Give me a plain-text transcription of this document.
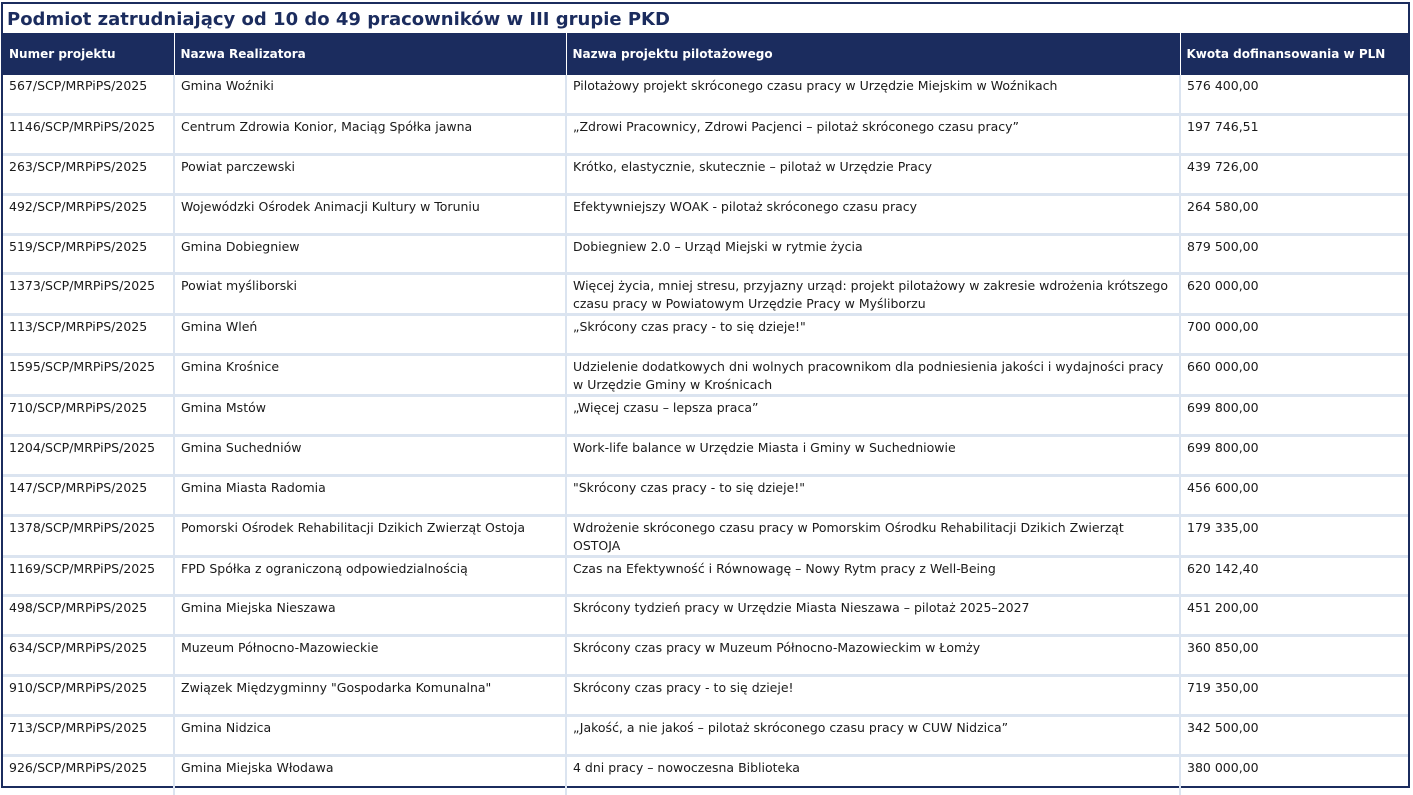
Podmiot zatrudniający od 10 do 49 pracowników w III grupie PKD
Numer projektu	Nazwa Realizatora	Nazwa projektu pilotażowego	Kwota dofinansowania w PLN
567/SCP/MRPiPS/2025	Gmina Woźniki	Pilotażowy projekt skróconego czasu pracy w Urzędzie Miejskim w Woźnikach	576 400,00
1146/SCP/MRPiPS/2025	Centrum Zdrowia Konior, Maciąg Spółka jawna	„Zdrowi Pracownicy, Zdrowi Pacjenci – pilotaż skróconego czasu pracy”	197 746,51
263/SCP/MRPiPS/2025	Powiat parczewski	Krótko, elastycznie, skutecznie – pilotaż w Urzędzie Pracy	439 726,00
492/SCP/MRPiPS/2025	Wojewódzki Ośrodek Animacji Kultury w Toruniu	Efektywniejszy WOAK - pilotaż skróconego czasu pracy	264 580,00
519/SCP/MRPiPS/2025	Gmina Dobiegniew	Dobiegniew 2.0 – Urząd Miejski w rytmie życia	879 500,00
1373/SCP/MRPiPS/2025	Powiat myśliborski	Więcej życia, mniej stresu, przyjazny urząd: projekt pilotażowy w zakresie wdrożenia krótszego czasu pracy w Powiatowym Urzędzie Pracy w Myśliborzu	620 000,00
113/SCP/MRPiPS/2025	Gmina Wleń	„Skrócony czas pracy - to się dzieje!"	700 000,00
1595/SCP/MRPiPS/2025	Gmina Krośnice	Udzielenie dodatkowych dni wolnych pracownikom dla podniesienia jakości i wydajności pracy w Urzędzie Gminy w Krośnicach	660 000,00
710/SCP/MRPiPS/2025	Gmina Mstów	„Więcej czasu – lepsza praca”	699 800,00
1204/SCP/MRPiPS/2025	Gmina Suchedniów	Work-life balance w Urzędzie Miasta i Gminy w Suchedniowie	699 800,00
147/SCP/MRPiPS/2025	Gmina Miasta Radomia	"Skrócony czas pracy - to się dzieje!"	456 600,00
1378/SCP/MRPiPS/2025	Pomorski Ośrodek Rehabilitacji Dzikich Zwierząt Ostoja	Wdrożenie skróconego czasu pracy w Pomorskim Ośrodku Rehabilitacji Dzikich Zwierząt OSTOJA	179 335,00
1169/SCP/MRPiPS/2025	FPD Spółka z ograniczoną odpowiedzialnością	Czas na Efektywność i Równowagę – Nowy Rytm pracy z Well-Being	620 142,40
498/SCP/MRPiPS/2025	Gmina Miejska Nieszawa	Skrócony tydzień pracy w Urzędzie Miasta Nieszawa – pilotaż 2025–2027	451 200,00
634/SCP/MRPiPS/2025	Muzeum Północno-Mazowieckie	Skrócony czas pracy w Muzeum Północno-Mazowieckim w Łomży	360 850,00
910/SCP/MRPiPS/2025	Związek Międzygminny "Gospodarka Komunalna"	Skrócony czas pracy - to się dzieje!	719 350,00
713/SCP/MRPiPS/2025	Gmina Nidzica	„Jakość, a nie jakoś – pilotaż skróconego czasu pracy w CUW Nidzica”	342 500,00
926/SCP/MRPiPS/2025	Gmina Miejska Włodawa	4 dni pracy – nowoczesna Biblioteka	380 000,00
